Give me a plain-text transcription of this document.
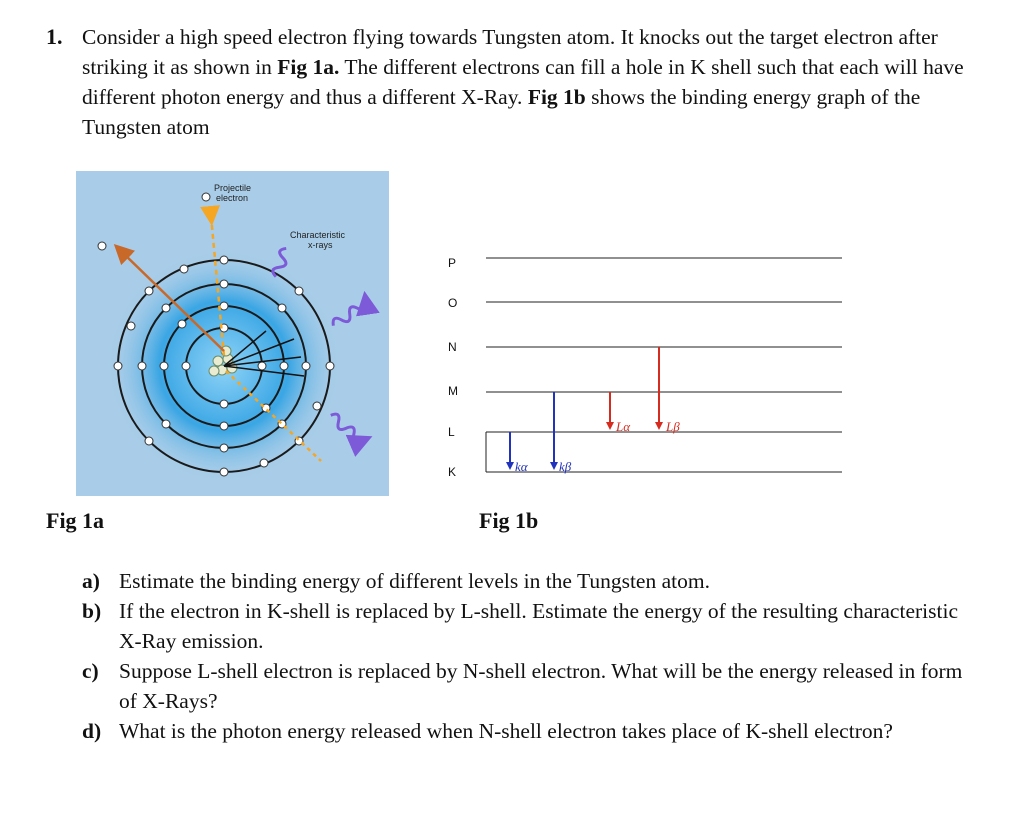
1. Consider a high speed electron flying towards Tungsten atom. It knocks out the target electron after striking it as shown in Fig 1a. The different electrons can fill a hole in K shell such that each will have different photon energy and thus a different X-Ray. Fig 1b shows the binding energy graph of the Tungsten atom
Projectile
electron
Characteristic
x-rays
Fig 1a
P
O
N
M
L
K	kα kβ
Lα	Lβ
Fig 1b
a) Estimate the binding energy of different levels in the Tungsten atom.
b) If the electron in K-shell is replaced by L-shell. Estimate the energy of the resulting characteristic X-Ray emission.
c) Suppose L-shell electron is replaced by N-shell electron. What will be the energy released in form of X-Rays?
d) What is the photon energy released when N-shell electron takes place of K-shell electron?
